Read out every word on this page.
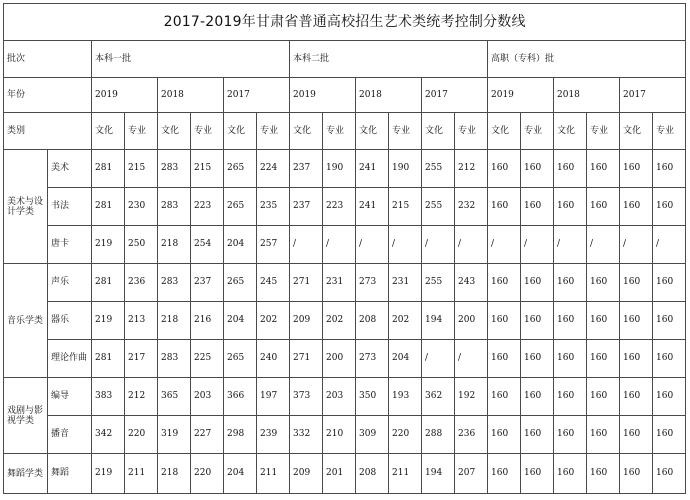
2017-2019年甘肃省普通高校招生艺术类统考控制分数线																			
批次		本科一批						本科二批						高职（专科）批					
年份		2019		2018		2017		2019		2018		2017		2019		2018		2017	
类别		文化	专业	文化	专业	文化	专业	文化	专业	文化	专业	文化	专业	文化	专业	文化	专业	文化	专业
美术与设计学类	美术	281	215	283	215	265	224	237	190	241	190	255	212	160	160	160	160	160	160
	书法	281	230	283	223	265	235	237	223	241	215	255	232	160	160	160	160	160	160
	唐卡	219	250	218	254	204	257	/	/	/	/	/	/	/	/	/	/	/	/
音乐学类	声乐	281	236	283	237	265	245	271	231	273	231	255	243	160	160	160	160	160	160
	器乐	219	213	218	216	204	202	209	202	208	202	194	200	160	160	160	160	160	160
	理论作曲	281	217	283	225	265	240	271	200	273	204	/	/	160	160	160	160	160	160
戏剧与影视学类	编导	383	212	365	203	366	197	373	203	350	193	362	192	160	160	160	160	160	160
	播音	342	220	319	227	298	239	332	210	309	220	288	236	160	160	160	160	160	160
舞蹈学类	舞蹈	219	211	218	220	204	211	209	201	208	211	194	207	160	160	160	160	160	160
